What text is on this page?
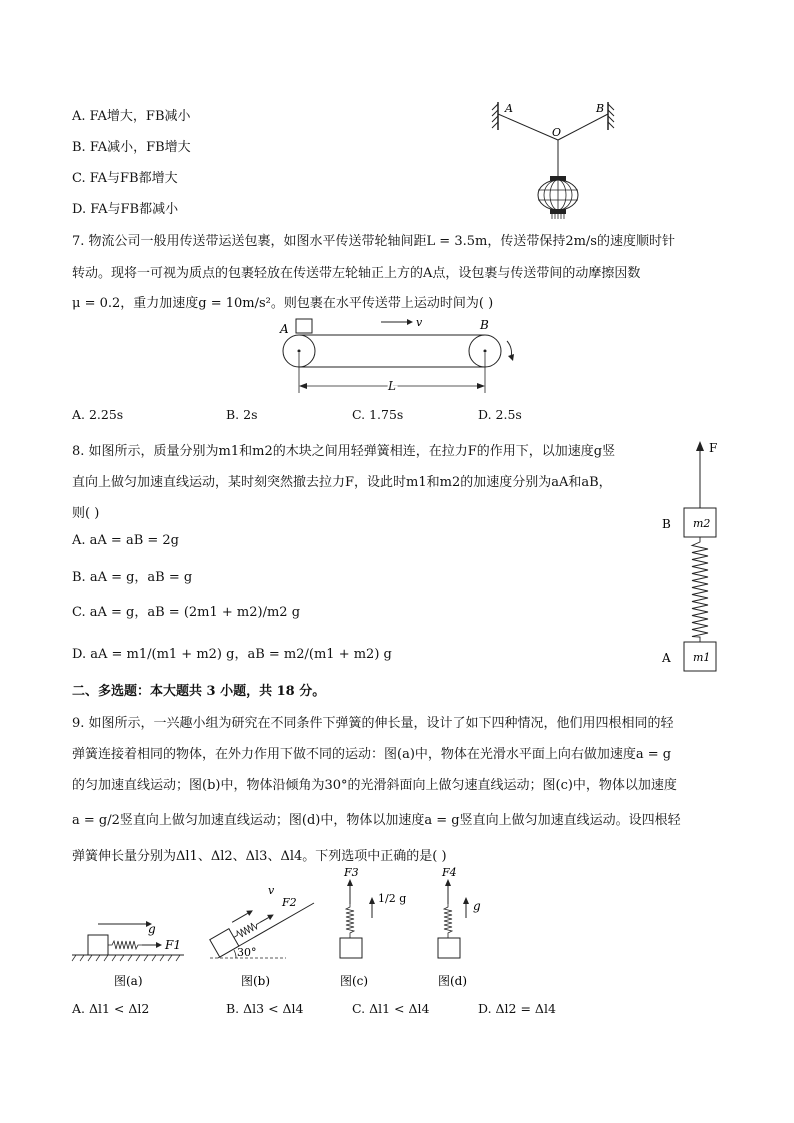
A. FA增大，FB减小
B. FA减小，FB增大
C. FA与FB都增大
D. FA与FB都减小
A	B
O
7. 物流公司一般用传送带运送包裹，如图水平传送带轮轴间距L = 3.5m，传送带保持2m/s的速度顺时针
转动。现将一可视为质点的包裹轻放在传送带左轮轴正上方的A点，设包裹与传送带间的动摩擦因数
μ = 0.2，重力加速度g = 10m/s²。则包裹在水平传送带上运动时间为( )
A	v	B
L
A. 2.25s	B. 2s	C. 1.75s	D. 2.5s
8. 如图所示，质量分别为m1和m2的木块之间用轻弹簧相连，在拉力F的作用下，以加速度g竖
直向上做匀加速直线运动，某时刻突然撤去拉力F，设此时m1和m2的加速度分别为aA和aB，
则( )
A. aA = aB = 2g
B. aA = g，aB = g
C. aA = g，aB = (2m1 + m2)/m2 g
D. aA = m1/(m1 + m2) g，aB = m2/(m1 + m2) g
F
B m2
A m1
二、多选题：本大题共 3 小题，共 18 分。
9. 如图所示，一兴趣小组为研究在不同条件下弹簧的伸长量，设计了如下四种情况，他们用四根相同的轻
弹簧连接着相同的物体，在外力作用下做不同的运动：图(a)中，物体在光滑水平面上向右做加速度a = g
的匀加速直线运动；图(b)中，物体沿倾角为30°的光滑斜面向上做匀速直线运动；图(c)中，物体以加速度
a = g/2竖直向上做匀加速直线运动；图(d)中，物体以加速度a = g竖直向上做匀加速直线运动。设四根轻
弹簧伸长量分别为Δl1、Δl2、Δl3、Δl4。下列选项中正确的是( )
g
F1
图(a)
v
F2
30°
图(b)
F3
1/2 g
图(c)
F4
g
图(d)
A. Δl1 < Δl2	B. Δl3 < Δl4	C. Δl1 < Δl4	D. Δl2 = Δl4
